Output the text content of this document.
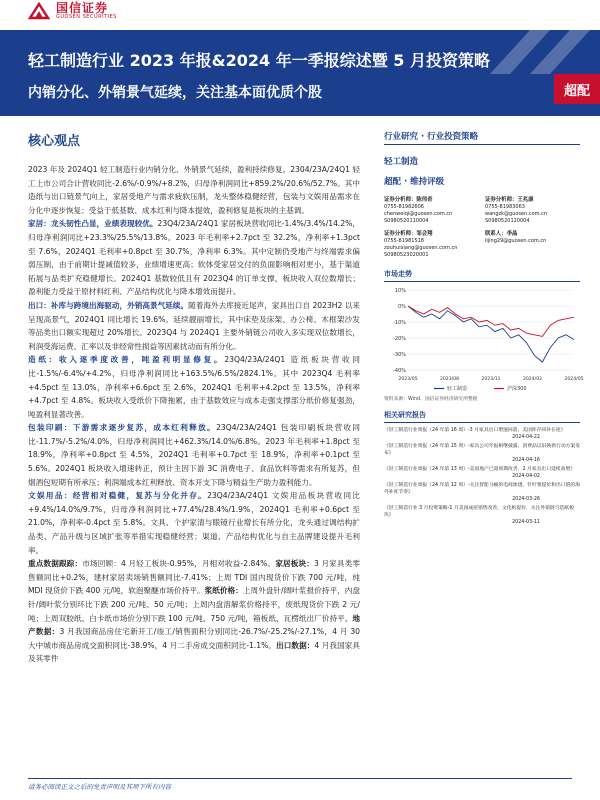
国信证券
GUOSEN SECURITIES
轻工制造行业 2023 年报&2024 年一季报综述暨 5 月投资策略
内销分化、外销景气延续，关注基本面优质个股	超配
核心观点
2023 年及 2024Q1 轻工制造行业内销分化、外销景气延续，盈利持续修复。2304/23A/24Q1 轻工上市公司合计营收同比-2.6%/-0.9%/+8.2%，归母净利润同比+859.2%/20.6%/52.7%。其中造纸与出口链景气向上，家居受地产与需求疲软压制，龙头整体稳健经营，包装与文娱用品需求在分化中逐步恢复；受益于低基数、成本红利与降本提效，盈利修复是板块的主基调。
家居：龙头韧性凸显，业绩表现较优。23Q4/23A/24Q1 家居板块营收同比-1.4%/3.4%/14.2%，归母净利润同比+23.3%/25.5%/13.8%。2023 年毛利率+2.7pct 至 32.2%，净利率+1.3pct 至 7.6%，2024Q1 毛利率+0.8pct 至 30.7%，净利率 6.3%。其中定制仍受地产与终端需求偏弱压制，由于前期计提减值较多，业绩增速更高；软体受家居交付的负面影响相对更小，基于渠道拓展与品类扩充稳健增长。2024Q1 基数较低且有 2023Q4 的订单支撑，板块收入双位数增长；盈利能力受益于原材料红利、产品结构优化与降本增效而提升。
出口：补库与跨境出海驱动，外销高景气延续。随着海外去库接近尾声，家具出口自 2023H2 以来呈现高景气，2024Q1 同比增长 19.6%。延续靓丽增长，其中床垫及床架、办公椅、木框架沙发等品类出口额实现超过 20%增长。2023Q4 与 2024Q1 主要外销链公司收入多实现双位数增长，利润受海运费、汇率以及非经常性损益等因素扰动而有所分化。
造纸：收入逐季度改善，吨盈利明显修复。23Q4/23A/24Q1 造纸板块营收同比-1.5%/-6.4%/+4.2%，归母净利润同比+163.5%/6.5%/2824.1%。其中 2023Q4 毛利率+4.5pct 至 13.0%，净利率+6.6pct 至 2.6%，2024Q1 毛利率+4.2pct 至 13.5%，净利率+4.7pct 至 4.8%。板块收入受纸价下降拖累，由于基数效应与成本走强支撑部分纸价修复强劲，吨盈利显著改善。
包装印刷：下游需求逐步复苏，成本红利释放。23Q4/23A/24Q1 包装印刷板块营收同比-11.7%/-5.2%/4.0%，归母净利润同比+462.3%/14.0%/6.8%。2023 年毛利率+1.8pct 至 18.9%，净利率+0.8pct 至 4.5%，2024Q1 毛利率+0.7pct 至 18.9%，净利率+0.1pct 至 5.6%。2024Q1 板块收入增速转正，预计主因下游 3C 消费电子、食品饮料等需求有所复苏，但烟酒包短期有所承压；利润端成本红利释放、资本开支下降与精益生产助力盈利能力。
文娱用品：经营相对稳健，复苏与分化并存。23Q4/23A/24Q1 文娱用品板块营收同比+9.4%/14.0%/9.7%，归母净利润同比+77.4%/28.4%/1.9%，2024Q1 毛利率+0.6pct 至 21.0%，净利率-0.4pct 至 5.8%。文具、个护家清与眼镜行业增长有所分化，龙头通过调结构扩品类、产品升级与区域扩张等举措实现稳健经营；渠道、产品结构优化与自主品牌建设提升毛利率。
重点数据跟踪：市场回顾：4 月轻工板块-0.95%，月相对收益-2.84%。家居板块：3 月家具类零售额同比+0.2%，建材家居卖场销售额同比-7.41%；上周 TDI 国内现货价下跌 700 元/吨，纯 MDI 现货价下跌 400 元/吨，软泡聚醚市场价持平。浆纸价格：上周外盘针/阔叶浆报价持平，内盘针/阔叶浆分别环比下跌 200 元/吨、50 元/吨；上周内盘溶解浆价格持平，废纸现货价下跌 2 元/吨；上周双胶纸、白卡纸市场价分别下跌 100 元/吨、750 元/吨，箱板纸、瓦楞纸出厂价持平。地产数据：3 月我国商品房住宅新开工/竣工/销售面积分别同比-26.7%/-25.2%/-27.1%，4 月 30 大中城市商品房成交面积同比-38.9%，4 月二手房成交面积同比-1.1%。出口数据：4 月我国家具及其零件
行业研究 · 行业投资策略
轻工制造
超配 · 维持评级
证券分析师：陈伟奇
0755-81982606
chenweiqi@guosen.com.cn
S0980520110004
证券分析师：王兆康
0755-81983063
wangzk@guosen.com.cn
S0980520120004
证券分析师：邹会翔
0755-81981518
zouhuixiang@guosen.com.cn
S0980523020001
联系人：李晶
lijing29@guosen.com.cn
市场走势
10%
0%
-10%
-20%
-30%
-40%
2023/05	2023/08	2023/11	2024/02	2024/05
轻工制造	沪深300
资料来源：Wind、国信证券经济研究所整理
相关研究报告
《轻工制造行业周报（24 年第 16 周）-3 月家具出口增速回落，美国库存回补在途》
2024-04-22
《轻工制造行业周报（24 年第 15 周）-家具公司年报相继披露，消费品以旧换新行动方案发布》
2024-04-16
《轻工制造行业周报（24 年第 13 周）-美国地产已超预期改善，2 月家具出口延续高增》
2024-04-02
《轻工制造行业周报（24 年第 12 周）-关注智能马桶的电商渗透、针叶浆提价和出口链的海外补库节奏》
2024-03-26
《轻工制造行业 3 月投资策略-1 月美国成屋销售改善，文化纸提价，关注外销链与造纸板块》
2024-03-11
请务必阅读正文之后的免责声明及其项下所有内容
